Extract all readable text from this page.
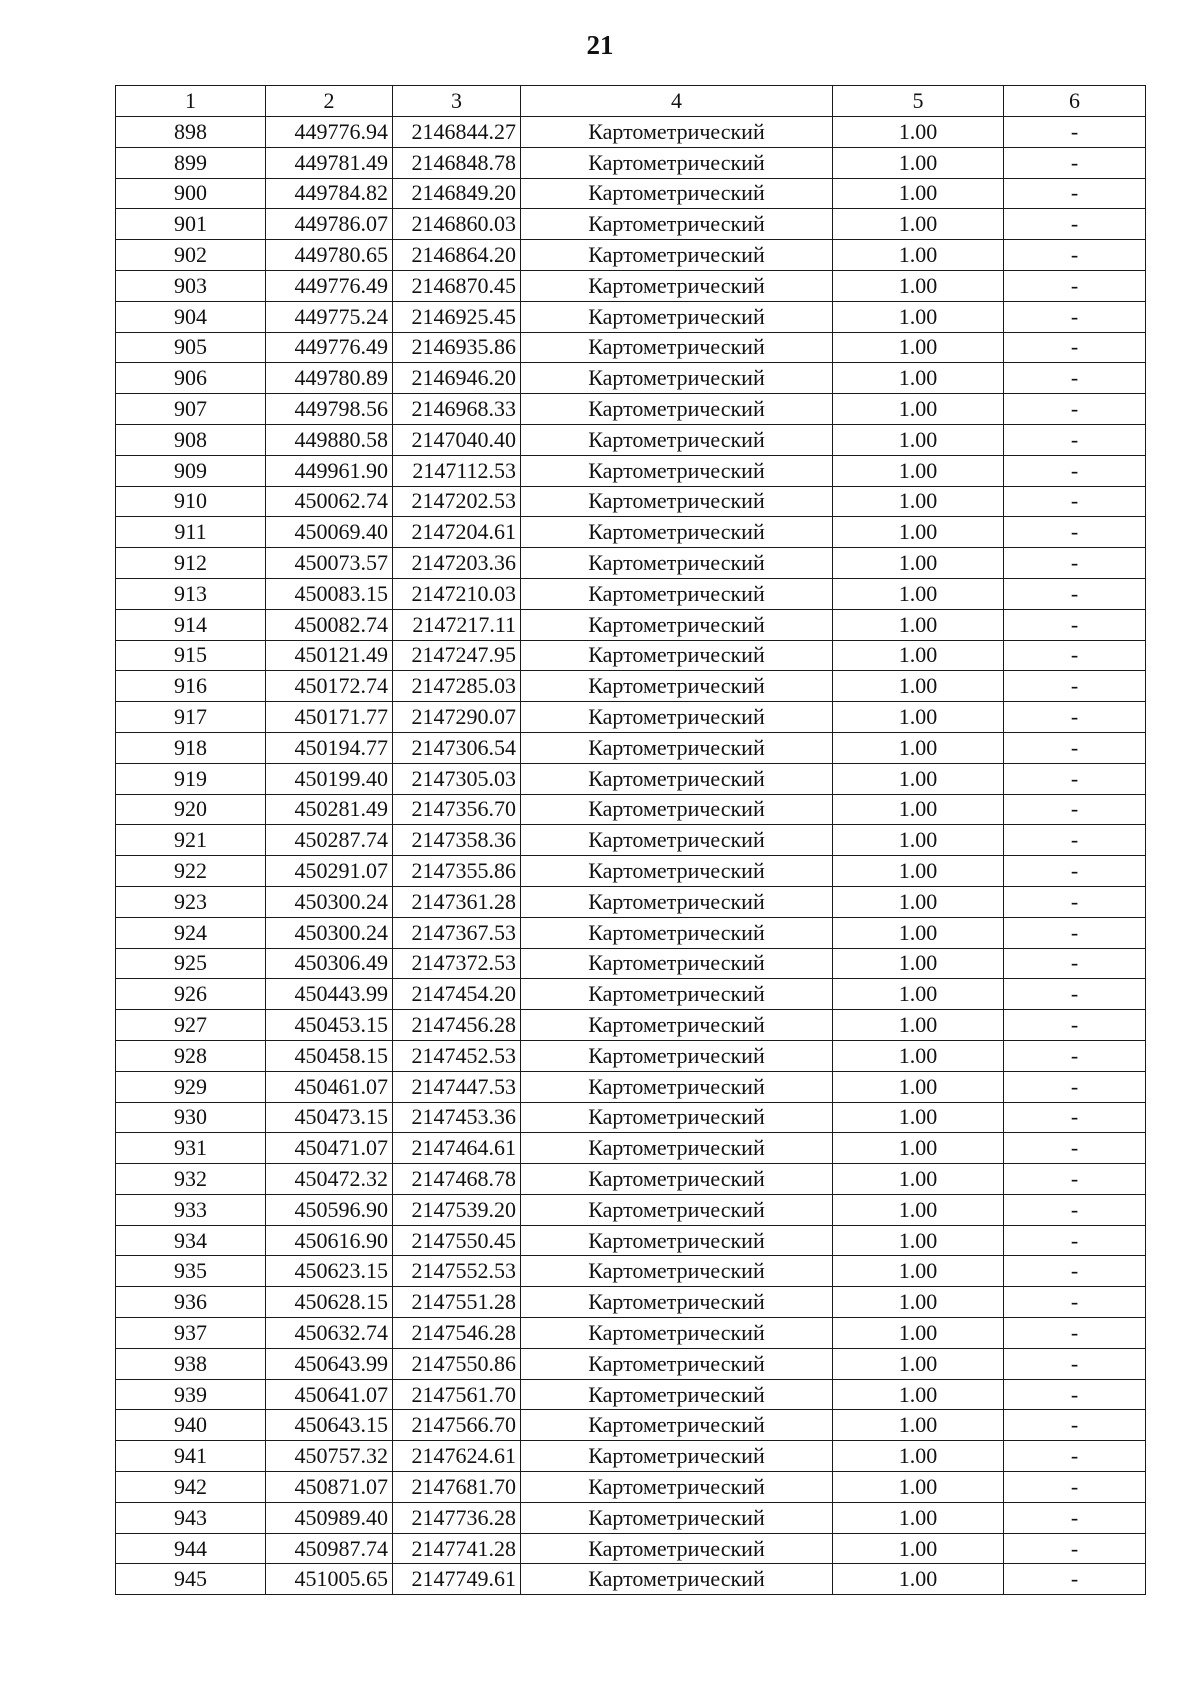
21
1	2	3	4	5	6
898	449776.94	2146844.27	Картометрический	1.00	-
899	449781.49	2146848.78	Картометрический	1.00	-
900	449784.82	2146849.20	Картометрический	1.00	-
901	449786.07	2146860.03	Картометрический	1.00	-
902	449780.65	2146864.20	Картометрический	1.00	-
903	449776.49	2146870.45	Картометрический	1.00	-
904	449775.24	2146925.45	Картометрический	1.00	-
905	449776.49	2146935.86	Картометрический	1.00	-
906	449780.89	2146946.20	Картометрический	1.00	-
907	449798.56	2146968.33	Картометрический	1.00	-
908	449880.58	2147040.40	Картометрический	1.00	-
909	449961.90	2147112.53	Картометрический	1.00	-
910	450062.74	2147202.53	Картометрический	1.00	-
911	450069.40	2147204.61	Картометрический	1.00	-
912	450073.57	2147203.36	Картометрический	1.00	-
913	450083.15	2147210.03	Картометрический	1.00	-
914	450082.74	2147217.11	Картометрический	1.00	-
915	450121.49	2147247.95	Картометрический	1.00	-
916	450172.74	2147285.03	Картометрический	1.00	-
917	450171.77	2147290.07	Картометрический	1.00	-
918	450194.77	2147306.54	Картометрический	1.00	-
919	450199.40	2147305.03	Картометрический	1.00	-
920	450281.49	2147356.70	Картометрический	1.00	-
921	450287.74	2147358.36	Картометрический	1.00	-
922	450291.07	2147355.86	Картометрический	1.00	-
923	450300.24	2147361.28	Картометрический	1.00	-
924	450300.24	2147367.53	Картометрический	1.00	-
925	450306.49	2147372.53	Картометрический	1.00	-
926	450443.99	2147454.20	Картометрический	1.00	-
927	450453.15	2147456.28	Картометрический	1.00	-
928	450458.15	2147452.53	Картометрический	1.00	-
929	450461.07	2147447.53	Картометрический	1.00	-
930	450473.15	2147453.36	Картометрический	1.00	-
931	450471.07	2147464.61	Картометрический	1.00	-
932	450472.32	2147468.78	Картометрический	1.00	-
933	450596.90	2147539.20	Картометрический	1.00	-
934	450616.90	2147550.45	Картометрический	1.00	-
935	450623.15	2147552.53	Картометрический	1.00	-
936	450628.15	2147551.28	Картометрический	1.00	-
937	450632.74	2147546.28	Картометрический	1.00	-
938	450643.99	2147550.86	Картометрический	1.00	-
939	450641.07	2147561.70	Картометрический	1.00	-
940	450643.15	2147566.70	Картометрический	1.00	-
941	450757.32	2147624.61	Картометрический	1.00	-
942	450871.07	2147681.70	Картометрический	1.00	-
943	450989.40	2147736.28	Картометрический	1.00	-
944	450987.74	2147741.28	Картометрический	1.00	-
945	451005.65	2147749.61	Картометрический	1.00	-
